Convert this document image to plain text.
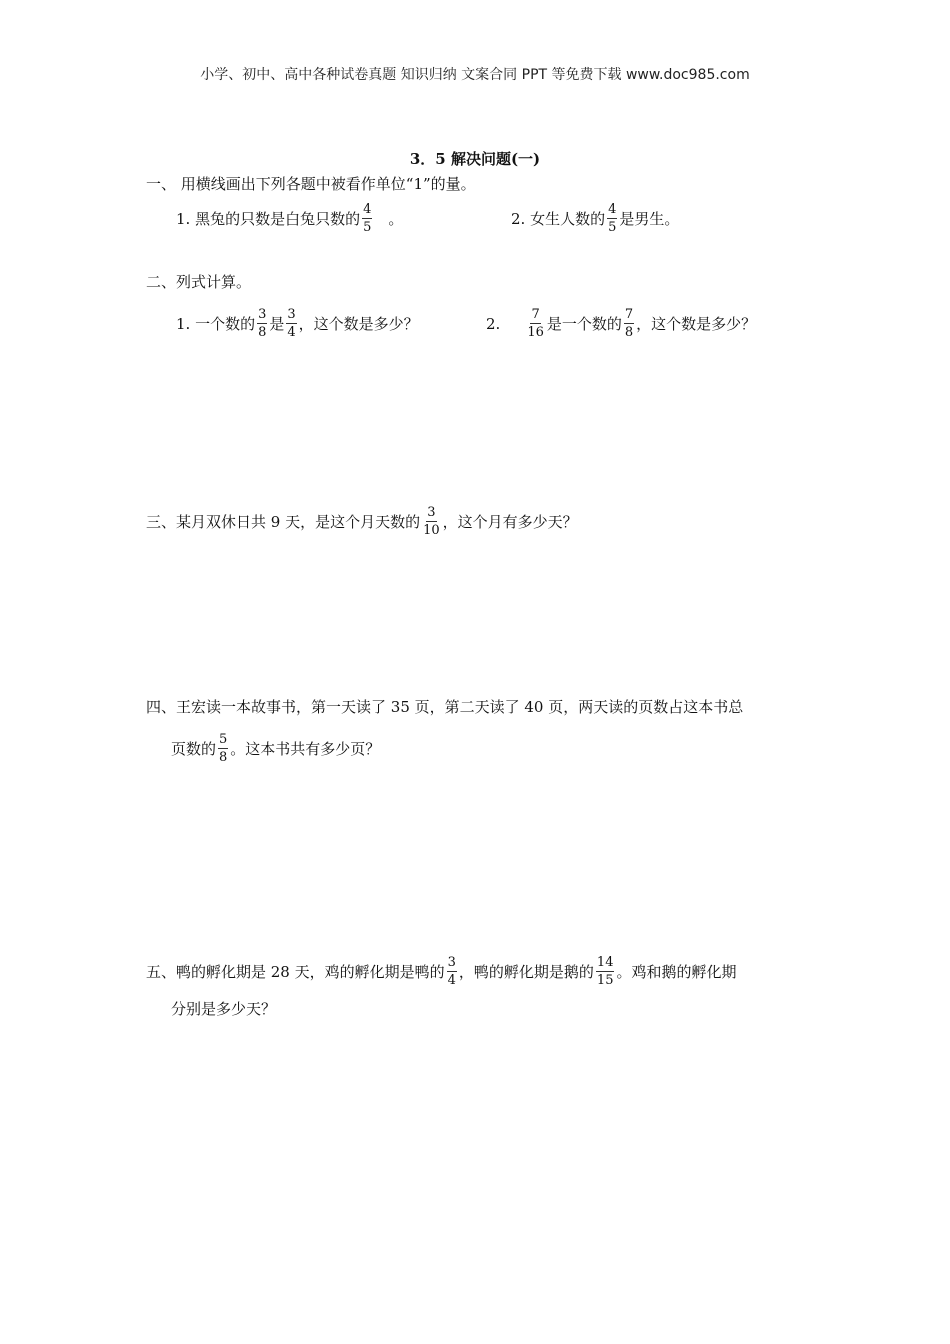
小学、初中、高中各种试卷真题 知识归纳 文案合同 PPT 等免费下载 www.doc985.com
3．5 解决问题(一)
一、 用横线画出下列各题中被看作单位“1”的量。
1. 黑兔的只数是白兔只数的 $\frac{4}{5}$ 。	2. 女生人数的 $\frac{4}{5}$ 是男生。
二、列式计算。
1. 一个数的 $\frac{3}{8}$ 是 $\frac{3}{4}$ ，这个数是多少？	2. $\frac{7}{16}$ 是一个数的 $\frac{7}{8}$ ，这个数是多少？
三、某月双休日共 9 天，是这个月天数的 $\frac{3}{10}$ ，这个月有多少天？
四、王宏读一本故事书，第一天读了 35 页，第二天读了 40 页，两天读的页数占这本书总
页数的 $\frac{5}{8}$ 。这本书共有多少页？
五、鸭的孵化期是 28 天，鸡的孵化期是鸭的 $\frac{3}{4}$ ，鸭的孵化期是鹅的 $\frac{14}{15}$ 。鸡和鹅的孵化期
分别是多少天？
